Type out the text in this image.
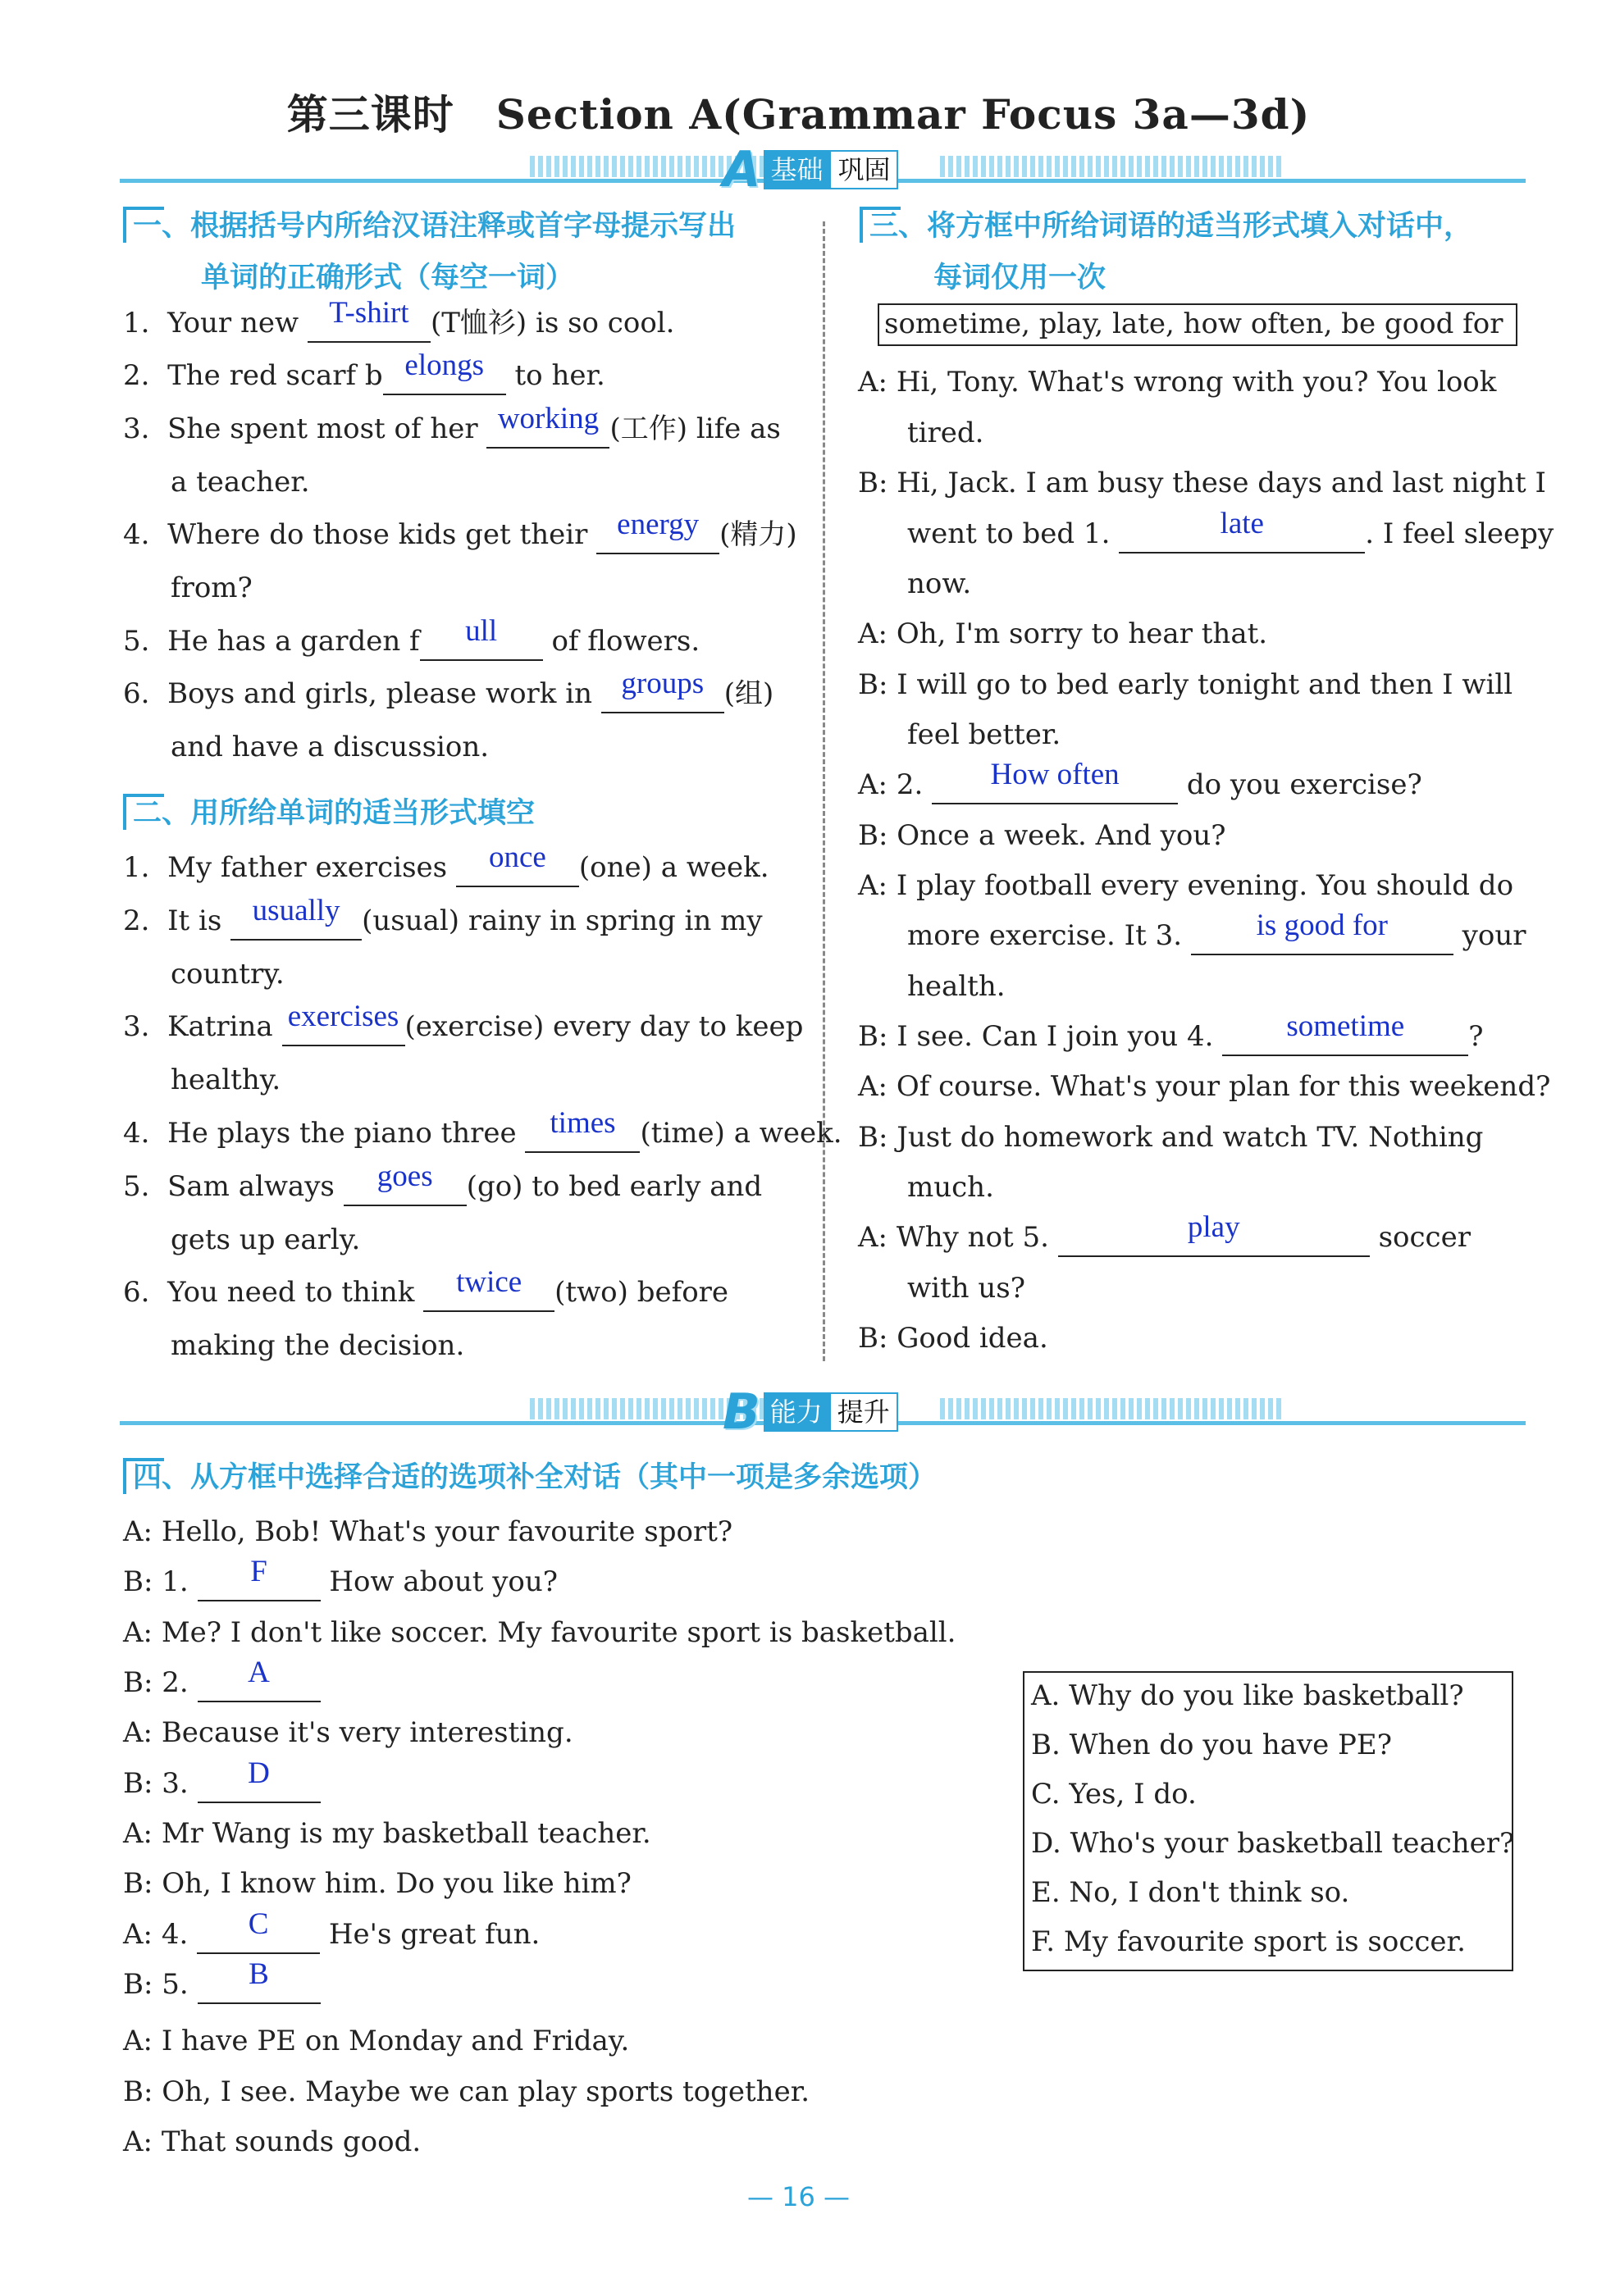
第三课时　Section A(Grammar Focus 3a—3d)
A 基础 巩固
一、根据括号内所给汉语注释或首字母提示写出
单词的正确形式（每空一词）
1. Your new T-shirt (T恤衫) is so cool.
2. The red scarf b elongs to her.
3. She spent most of her working (工作) life as
a teacher.
4. Where do those kids get their energy (精力)
from?
5. He has a garden f ull of flowers.
6. Boys and girls, please work in groups (组)
and have a discussion.
二、用所给单词的适当形式填空
1. My father exercises once (one) a week.
2. It is usually (usual) rainy in spring in my
country.
3. Katrina exercises (exercise) every day to keep
healthy.
4. He plays the piano three times (time) a week.
5. Sam always goes (go) to bed early and
gets up early.
6. You need to think twice (two) before
making the decision.
三、将方框中所给词语的适当形式填入对话中，
每词仅用一次
sometime, play, late, how often, be good for
A: Hi, Tony. What's wrong with you? You look
tired.
B: Hi, Jack. I am busy these days and last night I
went to bed 1.	late	. I feel sleepy
now.
A: Oh, I'm sorry to hear that.
B: I will go to bed early tonight and then I will
feel better.
A: 2. How often do you exercise?
B: Once a week. And you?
A: I play football every evening. You should do
more exercise. It 3. is good for	your
health.
B: I see. Can I join you 4. sometime ?
A: Of course. What's your plan for this weekend?
B: Just do homework and watch TV. Nothing
much.
A: Why not 5.	play	soccer
with us?
B: Good idea.
B 能力 提升
四、从方框中选择合适的选项补全对话（其中一项是多余选项）
A: Hello, Bob! What's your favourite sport?
B: 1. F How about you?
A: Me? I don't like soccer. My favourite sport is basketball.
B: 2. A
A: Because it's very interesting.
B: 3. D
A: Mr Wang is my basketball teacher.
B: Oh, I know him. Do you like him?
A: 4. C He's great fun.
B: 5. B
A: I have PE on Monday and Friday.
B: Oh, I see. Maybe we can play sports together.
A: That sounds good.
A. Why do you like basketball?
B. When do you have PE?
C. Yes, I do.
D. Who's your basketball teacher?
E. No, I don't think so.
F. My favourite sport is soccer.
— 16 —
